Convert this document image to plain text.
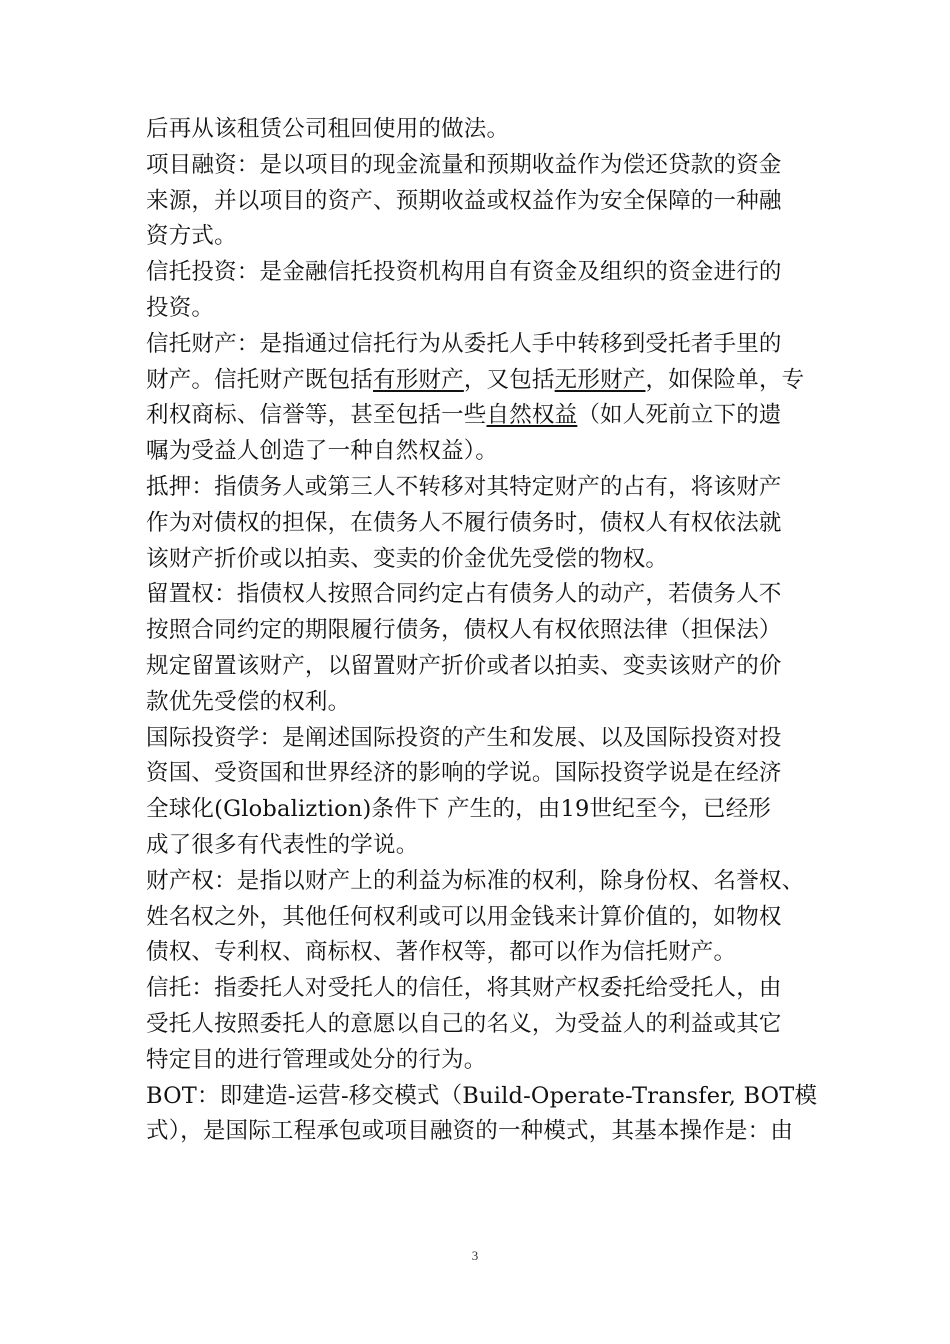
后再从该租赁公司租回使用的做法。
项目融资：是以项目的现金流量和预期收益作为偿还贷款的资金
来源，并以项目的资产、预期收益或权益作为安全保障的一种融
资方式。
信托投资：是金融信托投资机构用自有资金及组织的资金进行的
投资。
信托财产：是指通过信托行为从委托人手中转移到受托者手里的
财产。信托财产既包括有形财产，又包括无形财产，如保险单，专
利权商标、信誉等，甚至包括一些自然权益（如人死前立下的遗
嘱为受益人创造了一种自然权益）。
抵押：指债务人或第三人不转移对其特定财产的占有，将该财产
作为对债权的担保，在债务人不履行债务时，债权人有权依法就
该财产折价或以拍卖、变卖的价金优先受偿的物权。
留置权：指债权人按照合同约定占有债务人的动产，若债务人不
按照合同约定的期限履行债务，债权人有权依照法律（担保法）
规定留置该财产，以留置财产折价或者以拍卖、变卖该财产的价
款优先受偿的权利。
国际投资学：是阐述国际投资的产生和发展、以及国际投资对投
资国、受资国和世界经济的影响的学说。国际投资学说是在经济
全球化(Globaliztion)条件下 产生的，由19世纪至今，已经形
成了很多有代表性的学说。
财产权：是指以财产上的利益为标准的权利，除身份权、名誉权、
姓名权之外，其他任何权利或可以用金钱来计算价值的，如物权
债权、专利权、商标权、著作权等，都可以作为信托财产。
信托：指委托人对受托人的信任，将其财产权委托给受托人，由
受托人按照委托人的意愿以自己的名义，为受益人的利益或其它
特定目的进行管理或处分的行为。
BOT：即建造-运营-移交模式（Build-Operate-Transfer, BOT模
式），是国际工程承包或项目融资的一种模式，其基本操作是：由
3
